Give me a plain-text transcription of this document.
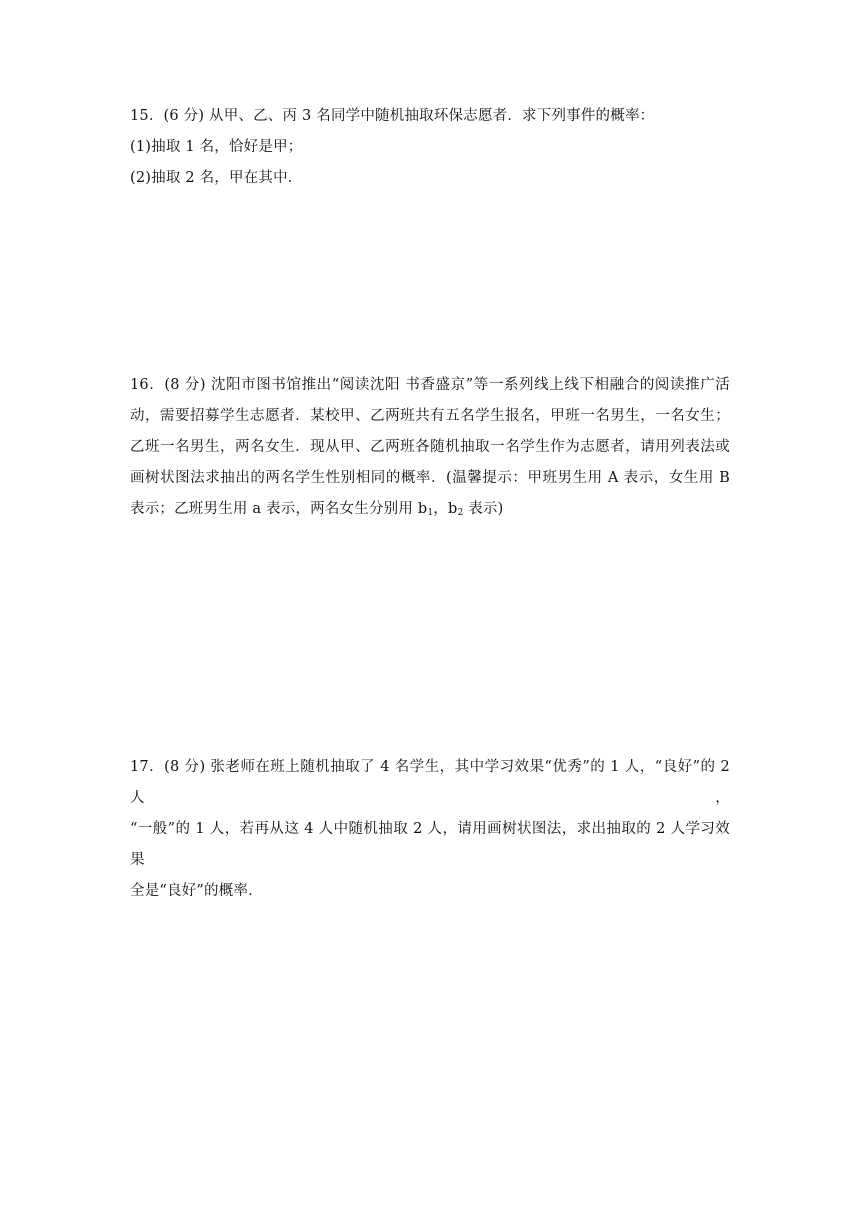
15．(6 分) 从甲、乙、丙 3 名同学中随机抽取环保志愿者．求下列事件的概率：
(1)抽取 1 名，恰好是甲；
(2)抽取 2 名，甲在其中．
16．(8 分) 沈阳市图书馆推出“阅读沈阳 书香盛京”等一系列线上线下相融合的阅读推广活
动，需要招募学生志愿者．某校甲、乙两班共有五名学生报名，甲班一名男生，一名女生；
乙班一名男生，两名女生．现从甲、乙两班各随机抽取一名学生作为志愿者，请用列表法或
画树状图法求抽出的两名学生性别相同的概率．(温馨提示：甲班男生用 A 表示，女生用 B
表示；乙班男生用 a 表示，两名女生分别用 $b_1$，$b_2$ 表示)
17．(8 分) 张老师在班上随机抽取了 4 名学生，其中学习效果“优秀”的 1 人，“良好”的 2 人，
“一般”的 1 人，若再从这 4 人中随机抽取 2 人，请用画树状图法，求出抽取的 2 人学习效果
全是“良好”的概率．
